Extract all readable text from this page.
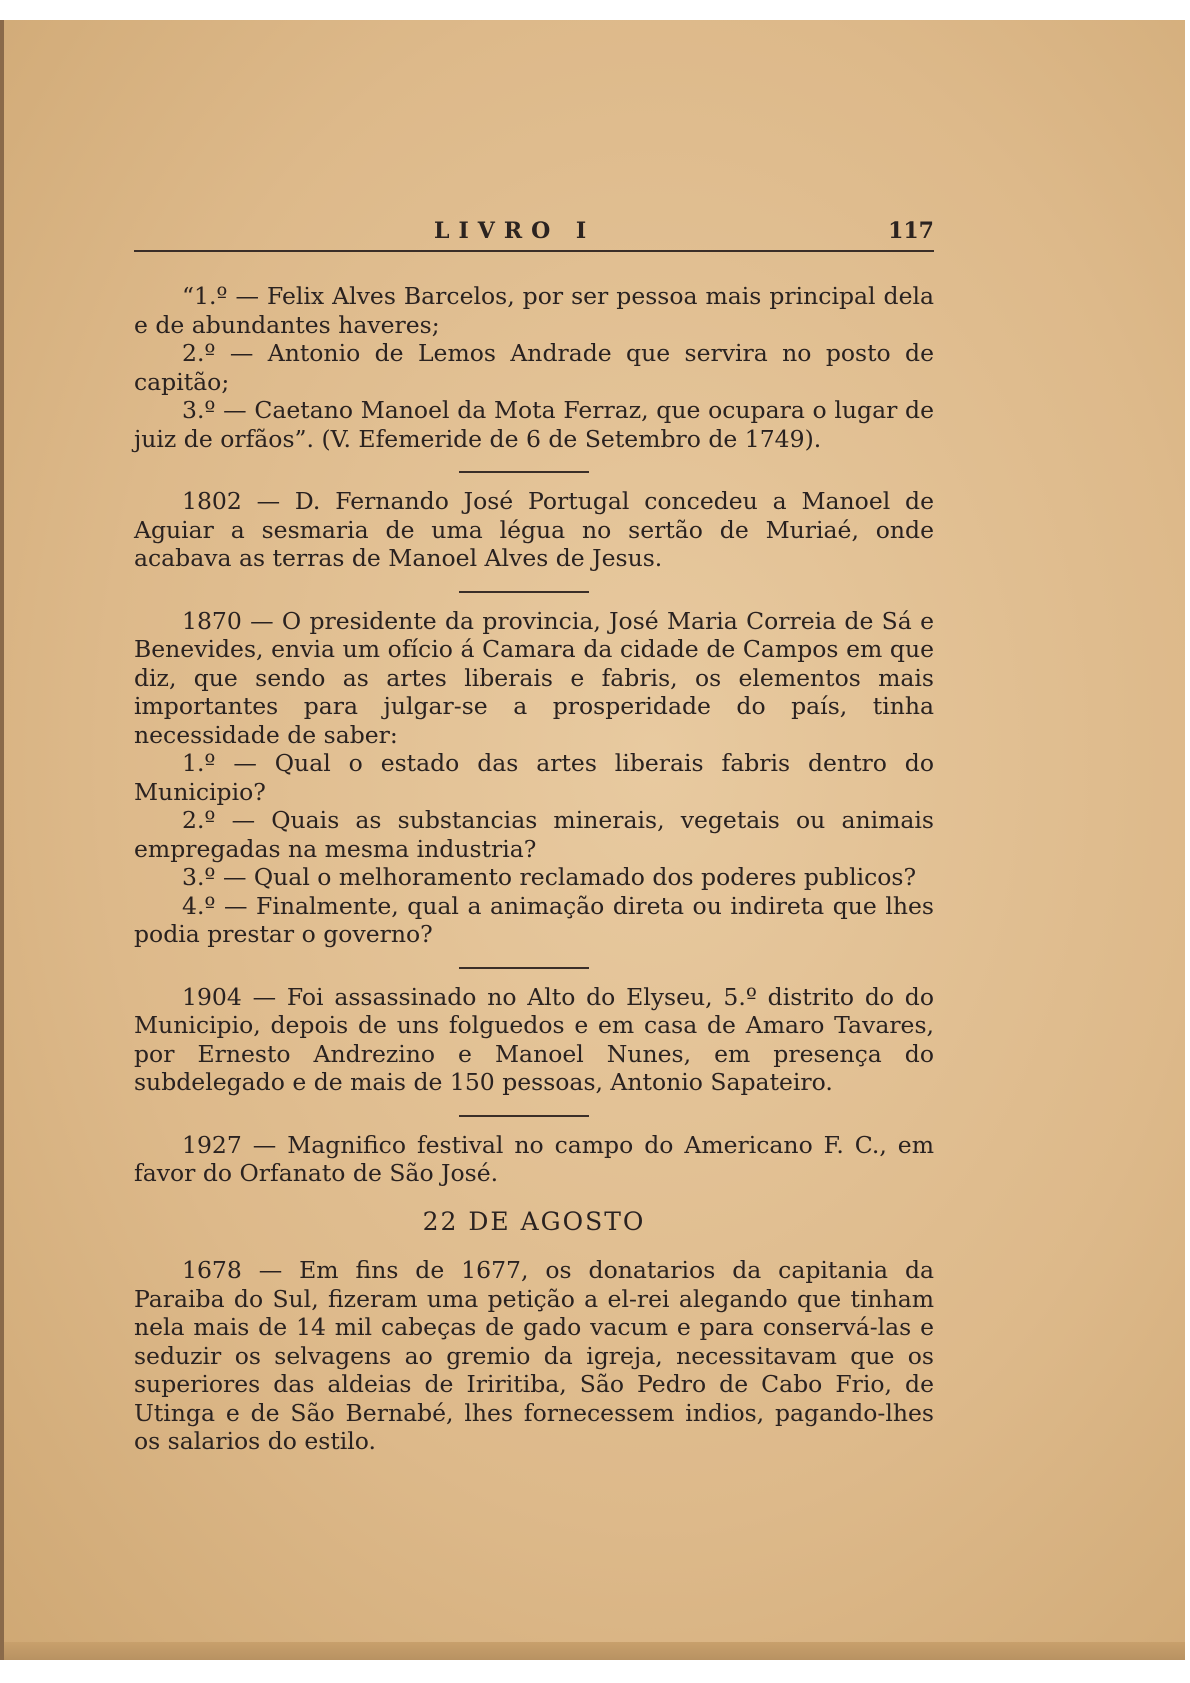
LIVRO I	117

“1.º — Felix Alves Barcelos, por ser pessoa mais principal dela e de abundantes haveres;

2.º — Antonio de Lemos Andrade que servira no posto de capitão;

3.º — Caetano Manoel da Mota Ferraz, que ocupara o lugar de juiz de orfãos”. (V. Efemeride de 6 de Setembro de 1749).

1802 — D. Fernando José Portugal concedeu a Manoel de Aguiar a sesmaria de uma légua no sertão de Muriaé, onde acabava as terras de Manoel Alves de Jesus.

1870 — O presidente da provincia, José Maria Correia de Sá e Benevides, envia um ofício á Camara da cidade de Campos em que diz, que sendo as artes liberais e fabris, os elementos mais importantes para julgar-se a prosperidade do país, tinha necessidade de saber:

1.º — Qual o estado das artes liberais fabris dentro do Municipio?

2.º — Quais as substancias minerais, vegetais ou animais empregadas na mesma industria?

3.º — Qual o melhoramento reclamado dos poderes publicos?

4.º — Finalmente, qual a animação direta ou indireta que lhes podia prestar o governo?

1904 — Foi assassinado no Alto do Elyseu, 5.º distrito do do Municipio, depois de uns folguedos e em casa de Amaro Tavares, por Ernesto Andrezino e Manoel Nunes, em presença do subdelegado e de mais de 150 pessoas, Antonio Sapateiro.

1927 — Magnifico festival no campo do Americano F. C., em favor do Orfanato de São José.

22 DE AGOSTO

1678 — Em fins de 1677, os donatarios da capitania da Paraiba do Sul, fizeram uma petição a el-rei alegando que tinham nela mais de 14 mil cabeças de gado vacum e para conservá-las e seduzir os selvagens ao gremio da igreja, necessitavam que os superiores das aldeias de Iriritiba, São Pedro de Cabo Frio, de Utinga e de São Bernabé, lhes fornecessem indios, pagando-lhes os salarios do estilo.
